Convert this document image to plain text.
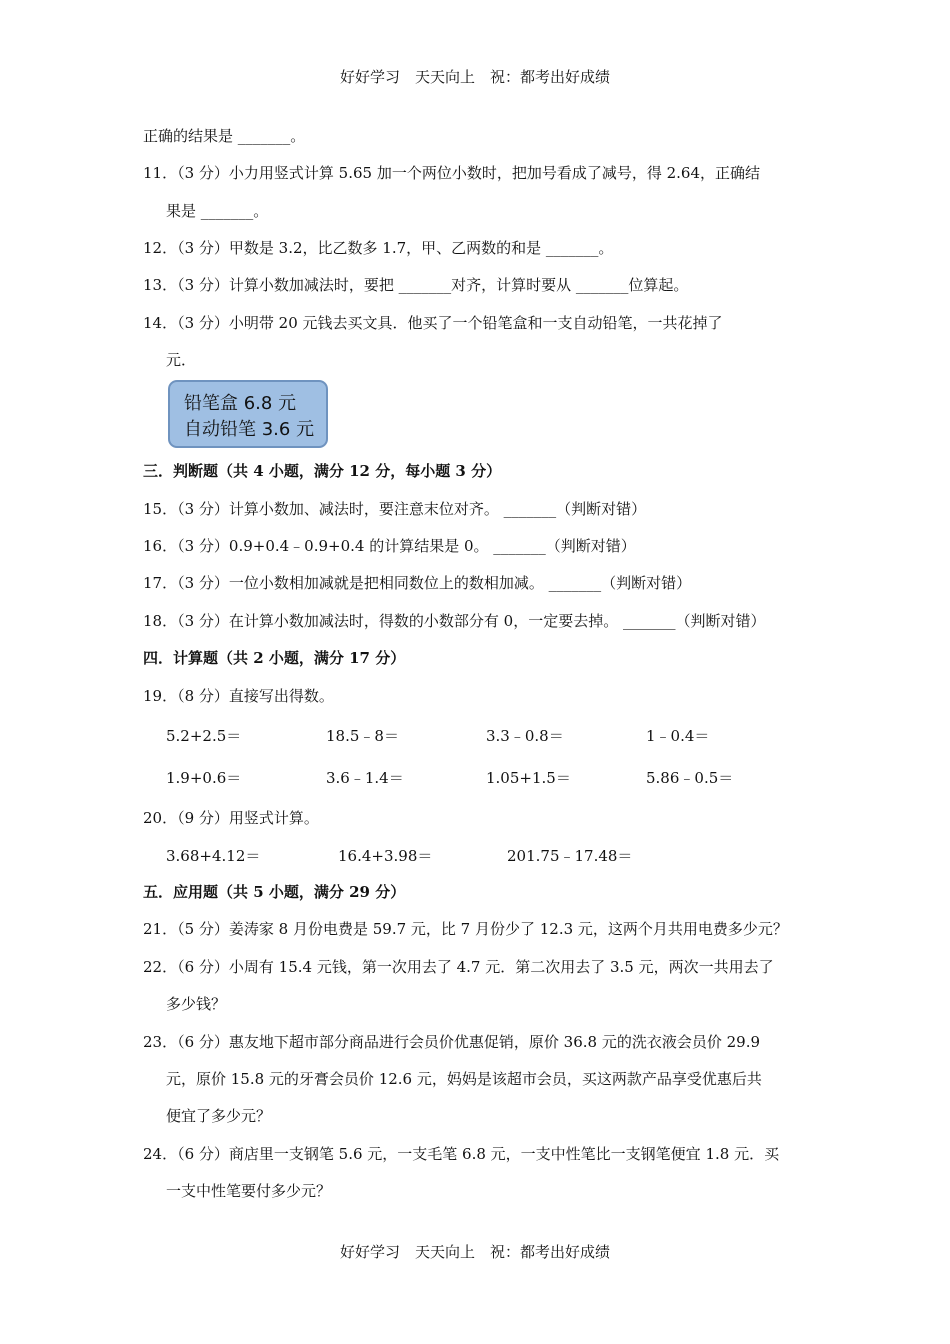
好好学习　天天向上　祝：都考出好成绩
正确的结果是 _______。
11．（3 分）小力用竖式计算 5.65 加一个两位小数时，把加号看成了减号，得 2.64，正确结
果是 _______。
12．（3 分）甲数是 3.2，比乙数多 1.7，甲、乙两数的和是 _______。
13．（3 分）计算小数加减法时，要把 _______对齐，计算时要从 _______位算起。
14．（3 分）小明带 20 元钱去买文具．他买了一个铅笔盒和一支自动铅笔，一共花掉了
元．
铅笔盒 6.8 元
自动铅笔 3.6 元
三．判断题（共 4 小题，满分 12 分，每小题 3 分）
15．（3 分）计算小数加、减法时，要注意末位对齐。 _______（判断对错）
16．（3 分）0.9+0.4﹣0.9+0.4 的计算结果是 0。 _______（判断对错）
17．（3 分）一位小数相加减就是把相同数位上的数相加减。 _______（判断对错）
18．（3 分）在计算小数加减法时，得数的小数部分有 0，一定要去掉。 _______（判断对错）
四．计算题（共 2 小题，满分 17 分）
19．（8 分）直接写出得数。
5.2+2.5＝	18.5﹣8＝	3.3﹣0.8＝	1﹣0.4＝
1.9+0.6＝	3.6﹣1.4＝	1.05+1.5＝	5.86﹣0.5＝
20．（9 分）用竖式计算。
3.68+4.12＝	16.4+3.98＝	201.75﹣17.48＝
五．应用题（共 5 小题，满分 29 分）
21．（5 分）姜涛家 8 月份电费是 59.7 元，比 7 月份少了 12.3 元，这两个月共用电费多少元？
22．（6 分）小周有 15.4 元钱，第一次用去了 4.7 元．第二次用去了 3.5 元，两次一共用去了
多少钱？
23．（6 分）惠友地下超市部分商品进行会员价优惠促销，原价 36.8 元的洗衣液会员价 29.9
元，原价 15.8 元的牙膏会员价 12.6 元，妈妈是该超市会员，买这两款产品享受优惠后共
便宜了多少元？
24．（6 分）商店里一支钢笔 5.6 元，一支毛笔 6.8 元，一支中性笔比一支钢笔便宜 1.8 元．买
一支中性笔要付多少元？
好好学习　天天向上　祝：都考出好成绩
